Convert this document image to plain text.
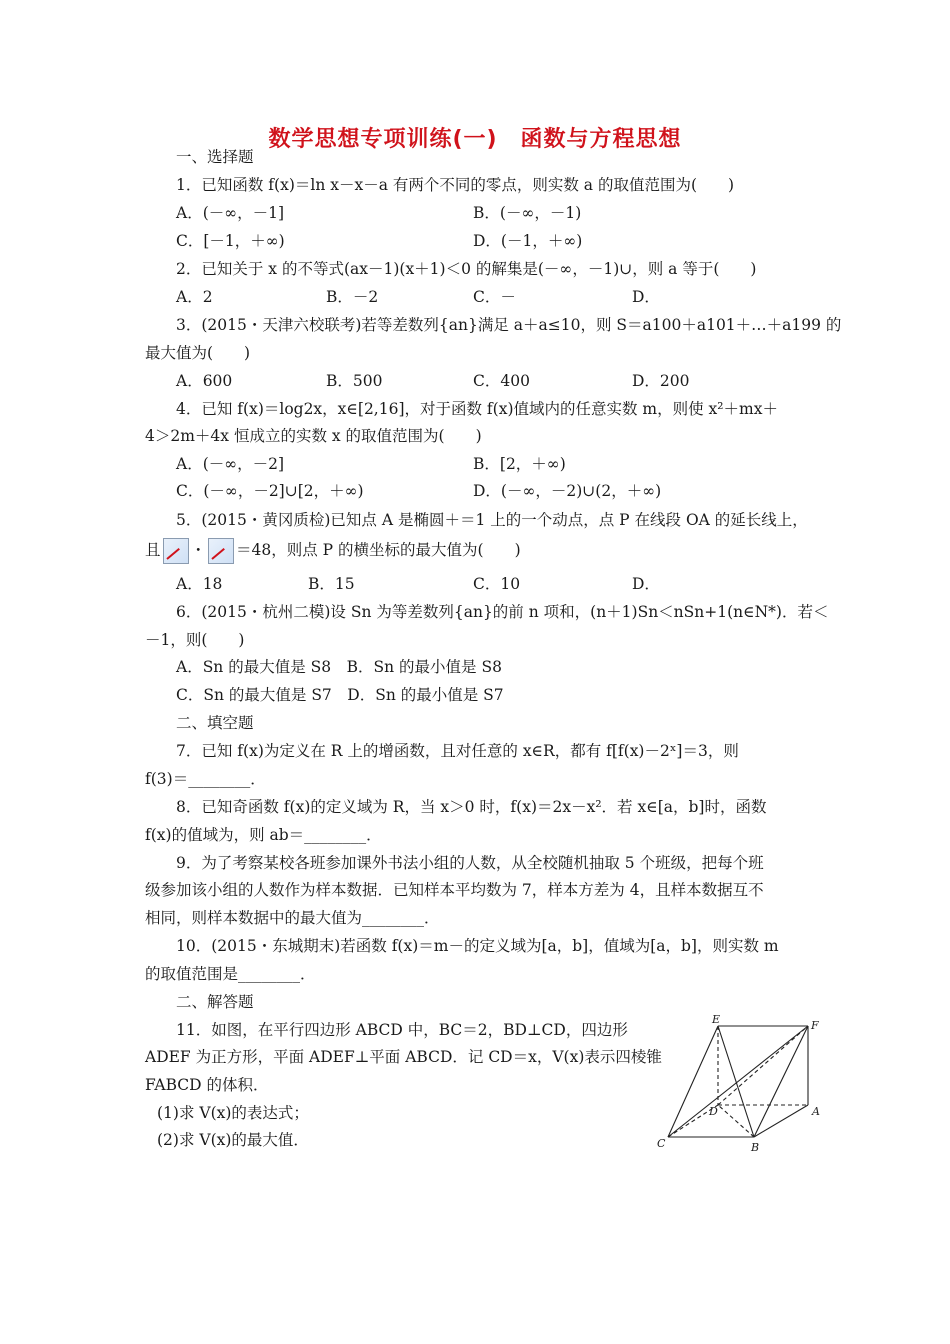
数学思想专项训练(一)　函数与方程思想
一、选择题
1．已知函数 f(x)＝ln x－x－a 有两个不同的零点，则实数 a 的取值范围为(　　)
A．(－∞，－1]	B．(－∞，－1)
C．[－1，＋∞)	D．(－1，＋∞)
2．已知关于 x 的不等式(ax－1)(x＋1)＜0 的解集是(－∞，－1)∪，则 a 等于(　　)
A．2	B．－2	C．－	D．
3．(2015・天津六校联考)若等差数列{an}满足 a＋a≤10，则 S＝a100＋a101＋…＋a199 的
最大值为(　　)
A．600	B．500	C．400	D．200
4．已知 f(x)＝log2x，x∈[2,16]，对于函数 f(x)值域内的任意实数 m，则使 x²＋mx＋
4＞2m＋4x 恒成立的实数 x 的取值范围为(　　)
A．(－∞，－2]	B．[2，＋∞)
C．(－∞，－2]∪[2，＋∞)	D．(－∞，－2)∪(2，＋∞)
5．(2015・黄冈质检)已知点 A 是椭圆＋＝1 上的一个动点，点 P 在线段 OA 的延长线上，
且 ・ ＝48，则点 P 的横坐标的最大值为(　　)
A．18	B．15	C．10	D．
6．(2015・杭州二模)设 Sn 为等差数列{an}的前 n 项和，(n＋1)Sn＜nSn+1(n∈N*)．若＜
－1，则(　　)
A．Sn 的最大值是 S8　B．Sn 的最小值是 S8
C．Sn 的最大值是 S7　D．Sn 的最小值是 S7
二、填空题
7．已知 f(x)为定义在 R 上的增函数，且对任意的 x∈R，都有 f[f(x)－2ˣ]＝3，则
f(3)＝________．
8．已知奇函数 f(x)的定义域为 R，当 x＞0 时，f(x)＝2x－x²．若 x∈[a，b]时，函数
f(x)的值域为，则 ab＝________．
9．为了考察某校各班参加课外书法小组的人数，从全校随机抽取 5 个班级，把每个班
级参加该小组的人数作为样本数据．已知样本平均数为 7，样本方差为 4，且样本数据互不
相同，则样本数据中的最大值为________．
10．(2015・东城期末)若函数 f(x)＝m－的定义域为[a，b]，值域为[a，b]，则实数 m
的取值范围是________．
二、解答题
11．如图，在平行四边形 ABCD 中，BC＝2，BD⊥CD，四边形
ADEF 为正方形，平面 ADEF⊥平面 ABCD．记 CD＝x，V(x)表示四棱锥
FABCD 的体积．
(1)求 V(x)的表达式；
(2)求 V(x)的最大值．
E	F
D	A
C	B
